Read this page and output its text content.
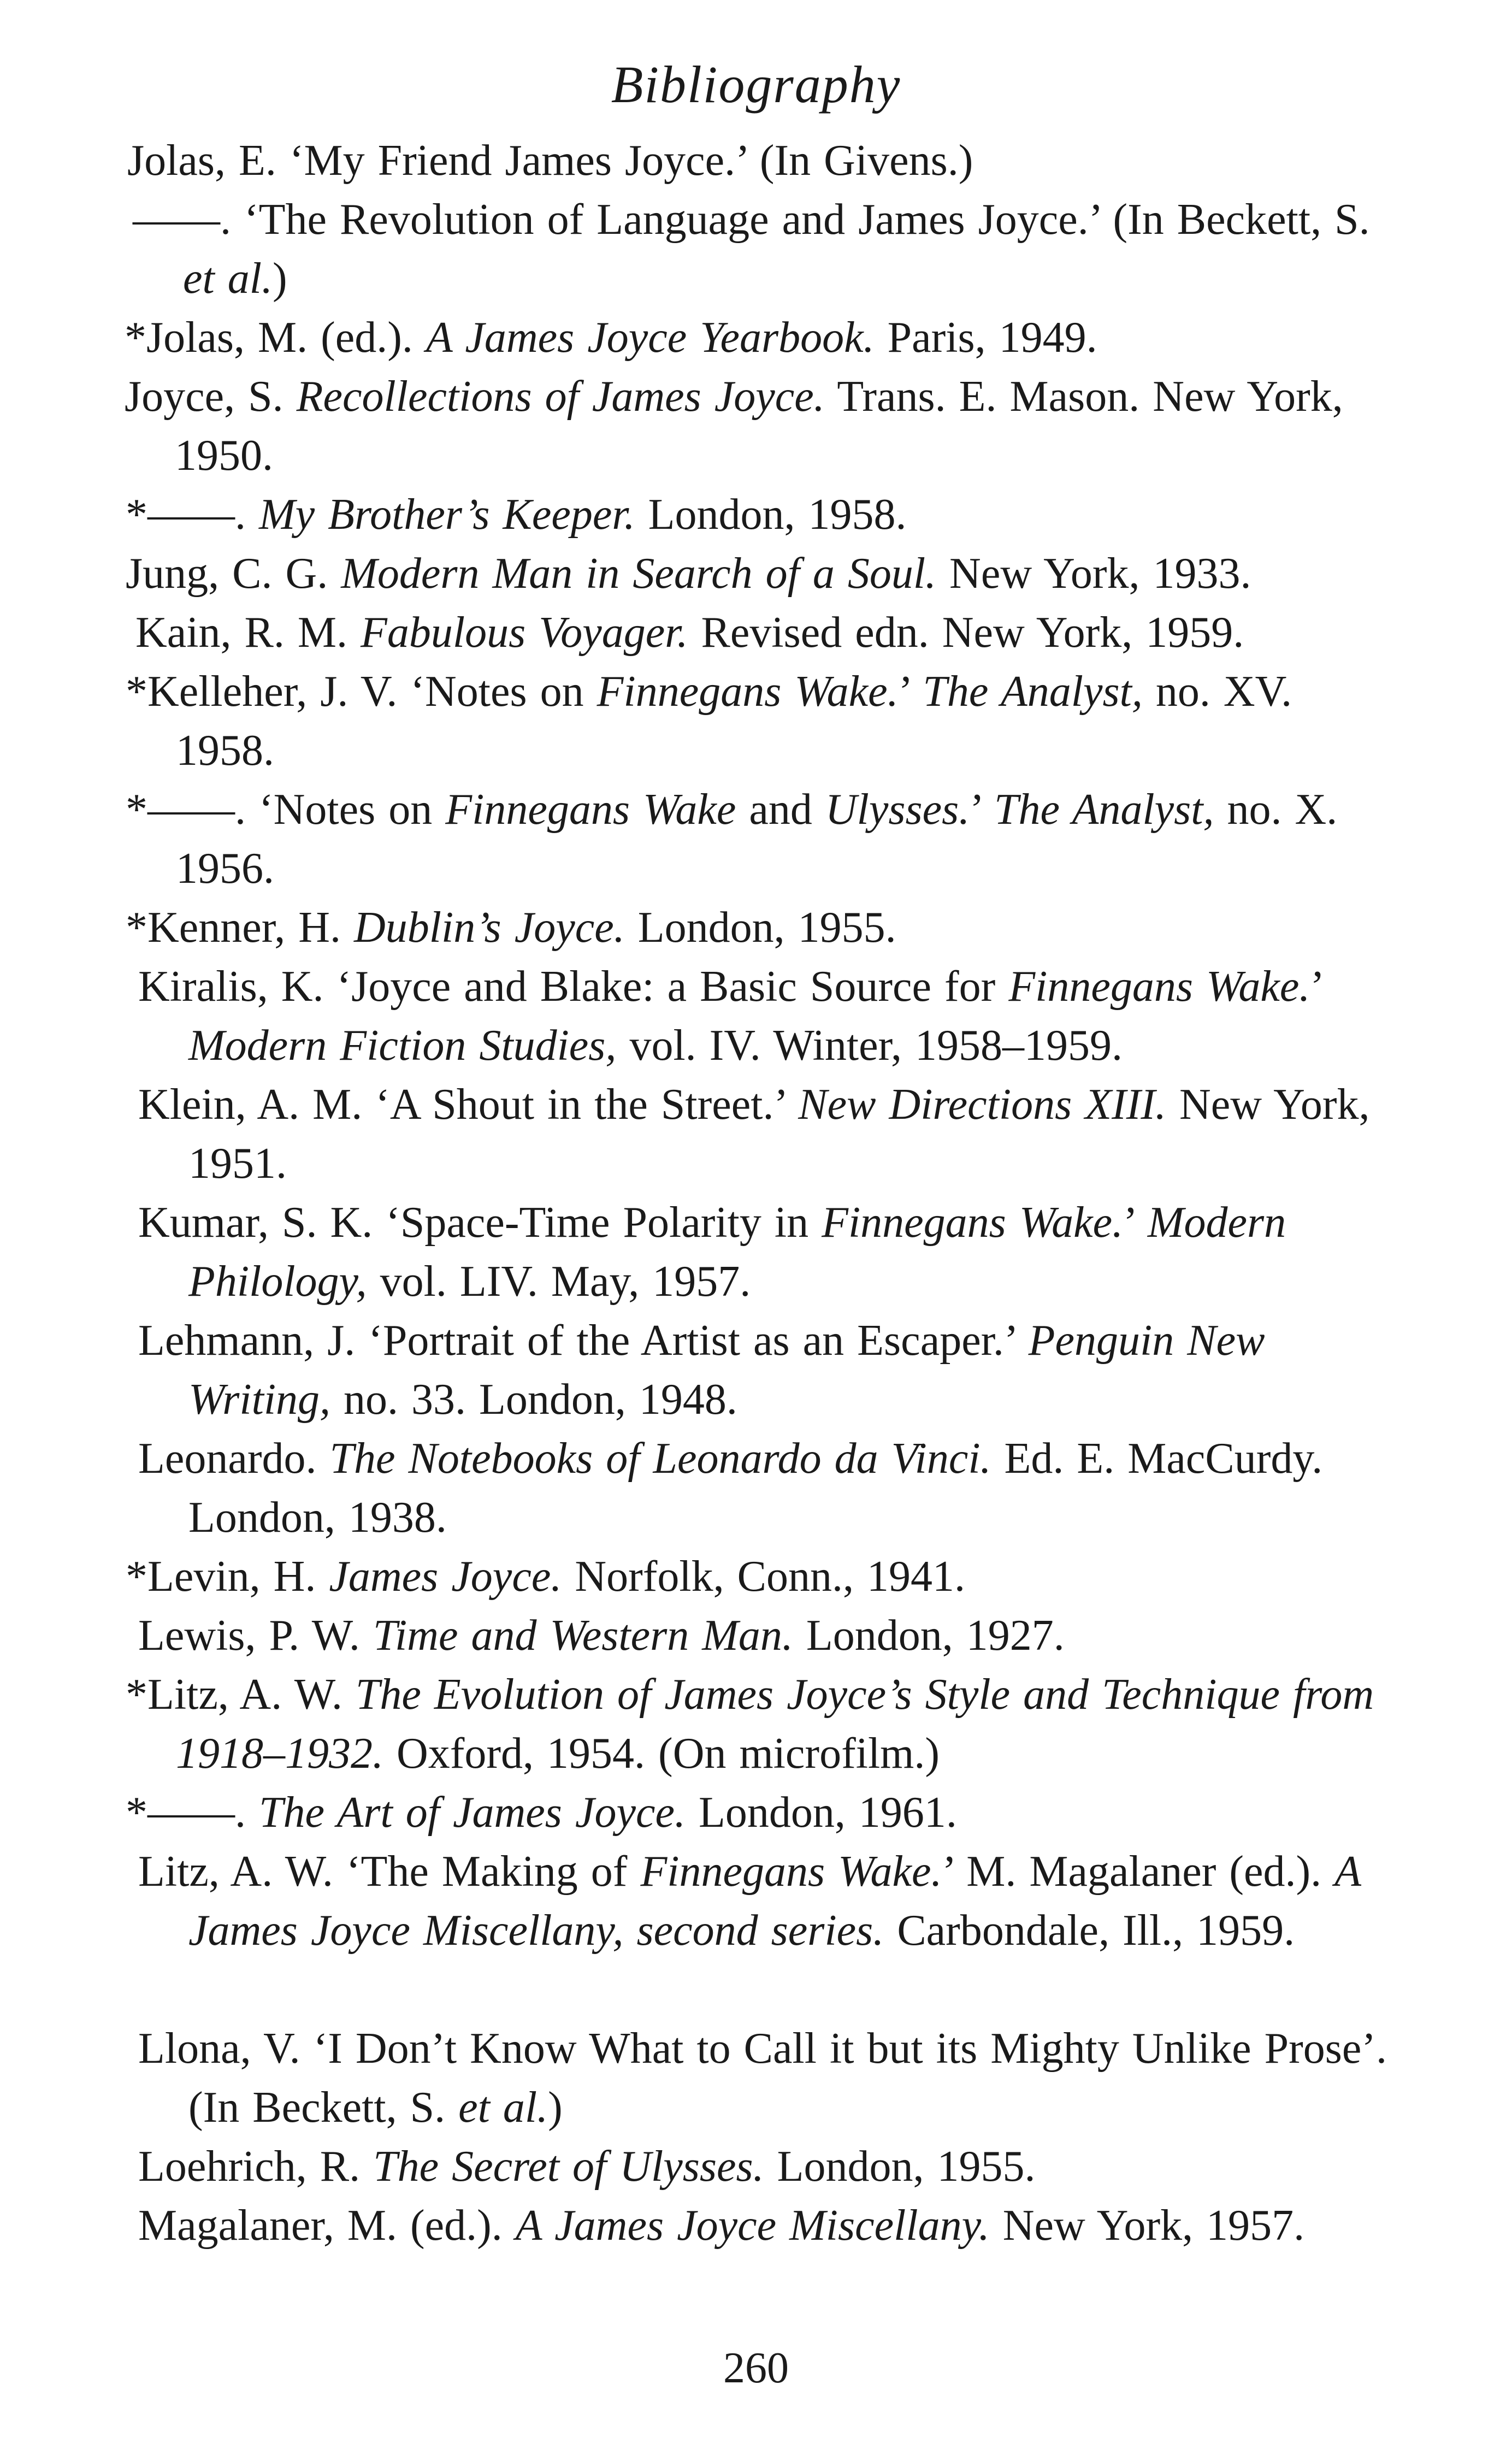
Bibliography
Jolas, E. ‘My Friend James Joyce.’ (In Givens.)
——. ‘The Revolution of Language and James Joyce.’ (In Beckett, S. et al.)
*Jolas, M. (ed.). A James Joyce Yearbook. Paris, 1949.
Joyce, S. Recollections of James Joyce. Trans. E. Mason. New York, 1950.
*——. My Brother’s Keeper. London, 1958.
Jung, C. G. Modern Man in Search of a Soul. New York, 1933.
Kain, R. M. Fabulous Voyager. Revised edn. New York, 1959.
*Kelleher, J. V. ‘Notes on Finnegans Wake.’ The Analyst, no. XV. 1958.
*——. ‘Notes on Finnegans Wake and Ulysses.’ The Analyst, no. X. 1956.
*Kenner, H. Dublin’s Joyce. London, 1955.
Kiralis, K. ‘Joyce and Blake: a Basic Source for Finnegans Wake.’ Modern Fiction Studies, vol. IV. Winter, 1958–1959.
Klein, A. M. ‘A Shout in the Street.’ New Directions XIII. New York, 1951.
Kumar, S. K. ‘Space-Time Polarity in Finnegans Wake.’ Modern Philology, vol. LIV. May, 1957.
Lehmann, J. ‘Portrait of the Artist as an Escaper.’ Penguin New Writing, no. 33. London, 1948.
Leonardo. The Notebooks of Leonardo da Vinci. Ed. E. MacCurdy. London, 1938.
*Levin, H. James Joyce. Norfolk, Conn., 1941.
Lewis, P. W. Time and Western Man. London, 1927.
*Litz, A. W. The Evolution of James Joyce’s Style and Technique from 1918–1932. Oxford, 1954. (On microfilm.)
*——. The Art of James Joyce. London, 1961.
Litz, A. W. ‘The Making of Finnegans Wake.’ M. Magalaner (ed.). A James Joyce Miscellany, second series. Carbondale, Ill., 1959.
Llona, V. ‘I Don’t Know What to Call it but its Mighty Unlike Prose’. (In Beckett, S. et al.)
Loehrich, R. The Secret of Ulysses. London, 1955.
Magalaner, M. (ed.). A James Joyce Miscellany. New York, 1957.
260
